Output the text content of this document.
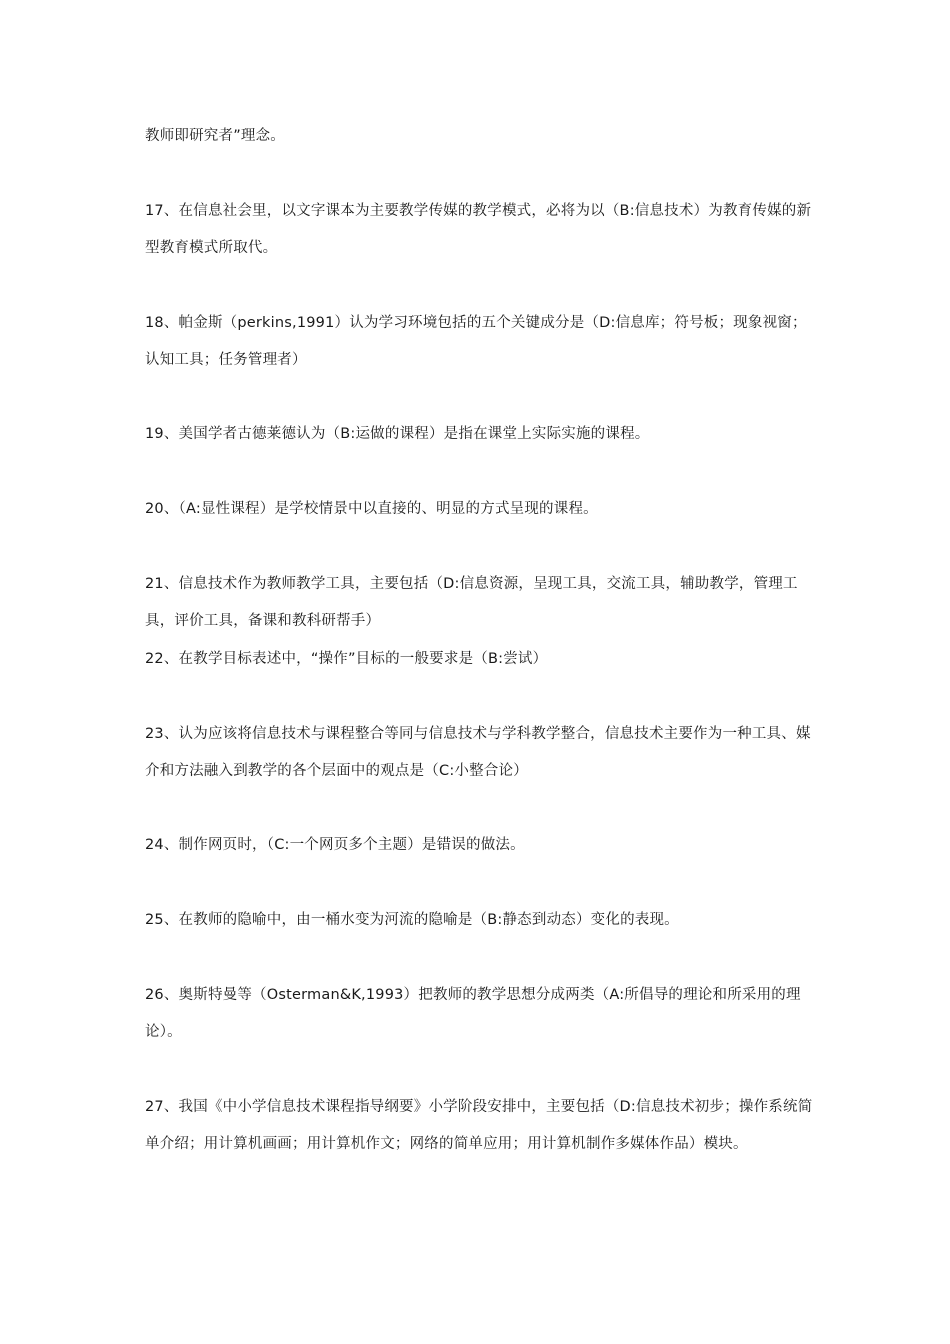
教师即研究者”理念。

17、在信息社会里，以文字课本为主要教学传媒的教学模式，必将为以（B:信息技术）为教育传媒的新型教育模式所取代。

18、帕金斯（perkins,1991）认为学习环境包括的五个关键成分是（D:信息库；符号板；现象视窗；认知工具；任务管理者）

19、美国学者古德莱德认为（B:运做的课程）是指在课堂上实际实施的课程。

20、（A:显性课程）是学校情景中以直接的、明显的方式呈现的课程。

21、信息技术作为教师教学工具，主要包括（D:信息资源，呈现工具，交流工具，辅助教学，管理工具，评价工具，备课和教科研帮手）

22、在教学目标表述中，“操作”目标的一般要求是（B:尝试）

23、认为应该将信息技术与课程整合等同与信息技术与学科教学整合，信息技术主要作为一种工具、媒介和方法融入到教学的各个层面中的观点是（C:小整合论）

24、制作网页时，（C:一个网页多个主题）是错误的做法。

25、在教师的隐喻中，由一桶水变为河流的隐喻是（B:静态到动态）变化的表现。

26、奥斯特曼等（Osterman&K,1993）把教师的教学思想分成两类（A:所倡导的理论和所采用的理论）。

27、我国《中小学信息技术课程指导纲要》小学阶段安排中，主要包括（D:信息技术初步；操作系统简单介绍；用计算机画画；用计算机作文；网络的简单应用；用计算机制作多媒体作品）模块。
